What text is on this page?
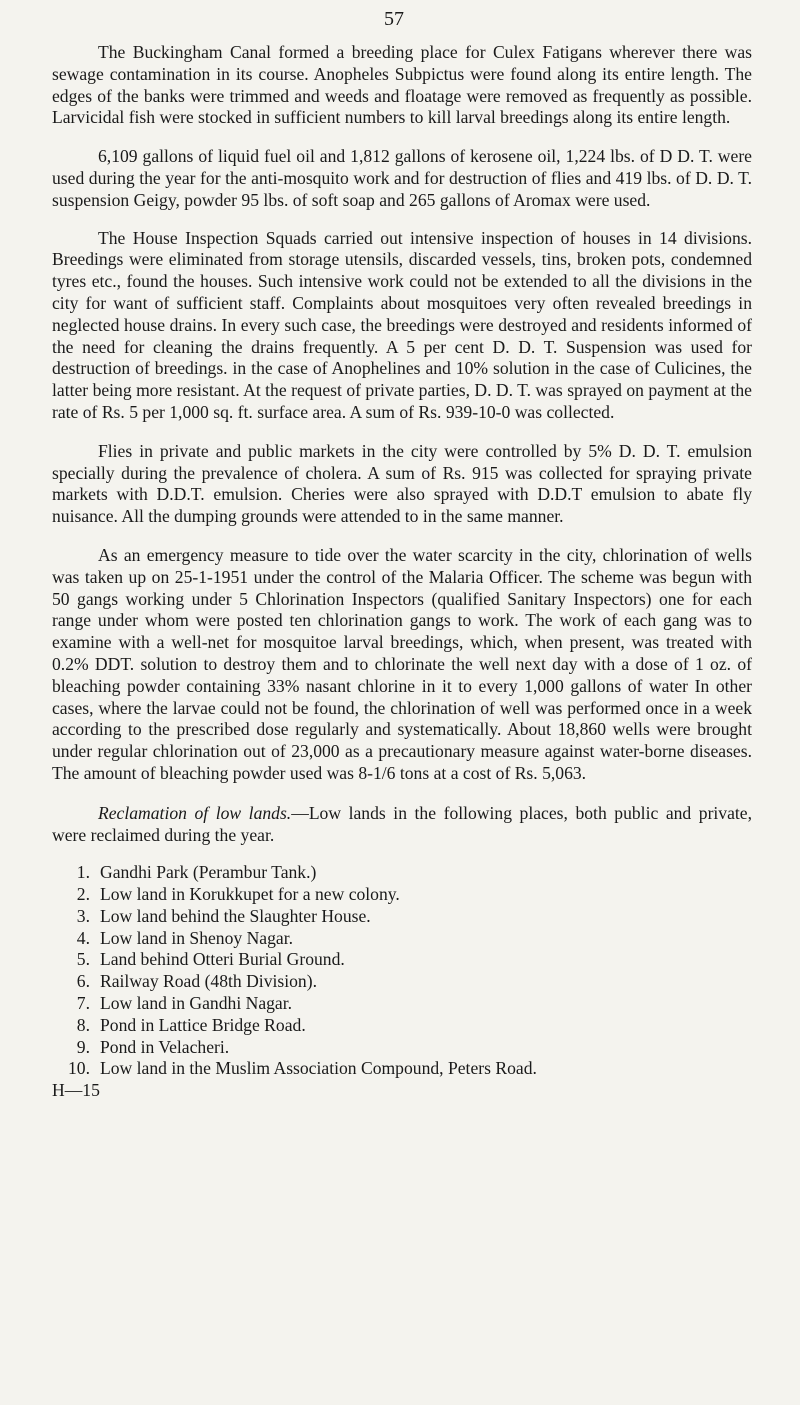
57

The Buckingham Canal formed a breeding place for Culex Fatigans wherever there was sewage contamination in its course. Anopheles Subpictus were found along its entire length. The edges of the banks were trimmed and weeds and floatage were removed as frequently as possible. Larvicidal fish were stocked in sufficient numbers to kill larval breedings along its entire length.

6,109 gallons of liquid fuel oil and 1,812 gallons of kerosene oil, 1,224 lbs. of D D. T. were used during the year for the anti-mosquito work and for destruction of flies and 419 lbs. of D. D. T. suspension Geigy, powder 95 lbs. of soft soap and 265 gallons of Aromax were used.

The House Inspection Squads carried out intensive inspection of houses in 14 divisions. Breedings were eliminated from storage utensils, discarded vessels, tins, broken pots, condemned tyres etc., found the houses. Such intensive work could not be extended to all the divisions in the city for want of sufficient staff. Complaints about mosquitoes very often revealed breedings in neglected house drains. In every such case, the breedings were destroyed and residents informed of the need for cleaning the drains frequently. A 5 per cent D. D. T. Suspension was used for destruction of breedings. in the case of Anophelines and 10% solution in the case of Culicines, the latter being more resistant. At the request of private parties, D. D. T. was sprayed on payment at the rate of Rs. 5 per 1,000 sq. ft. surface area. A sum of Rs. 939-10-0 was collected.

Flies in private and public markets in the city were controlled by 5% D. D. T. emulsion specially during the prevalence of cholera. A sum of Rs. 915 was collected for spraying private markets with D.D.T. emulsion. Cheries were also sprayed with D.D.T emulsion to abate fly nuisance. All the dumping grounds were attended to in the same manner.

As an emergency measure to tide over the water scarcity in the city, chlorination of wells was taken up on 25-1-1951 under the control of the Malaria Officer. The scheme was begun with 50 gangs working under 5 Chlorination Inspectors (qualified Sanitary Inspectors) one for each range under whom were posted ten chlorination gangs to work. The work of each gang was to examine with a well-net for mosquitoe larval breedings, which, when present, was treated with 0.2% DDT. solution to destroy them and to chlorinate the well next day with a dose of 1 oz. of bleaching powder containing 33% nasant chlorine in it to every 1,000 gallons of water In other cases, where the larvae could not be found, the chlorination of well was performed once in a week according to the prescribed dose regularly and systematically. About 18,860 wells were brought under regular chlorination out of 23,000 as a precautionary measure against water-borne diseases. The amount of bleaching powder used was 8-1/6 tons at a cost of Rs. 5,063.

Reclamation of low lands.—Low lands in the following places, both public and private, were reclaimed during the year.

1. Gandhi Park (Perambur Tank.)
2. Low land in Korukkupet for a new colony.
3. Low land behind the Slaughter House.
4. Low land in Shenoy Nagar.
5. Land behind Otteri Burial Ground.
6. Railway Road (48th Division).
7. Low land in Gandhi Nagar.
8. Pond in Lattice Bridge Road.
9. Pond in Velacheri.
10. Low land in the Muslim Association Compound, Peters Road.
H—15
